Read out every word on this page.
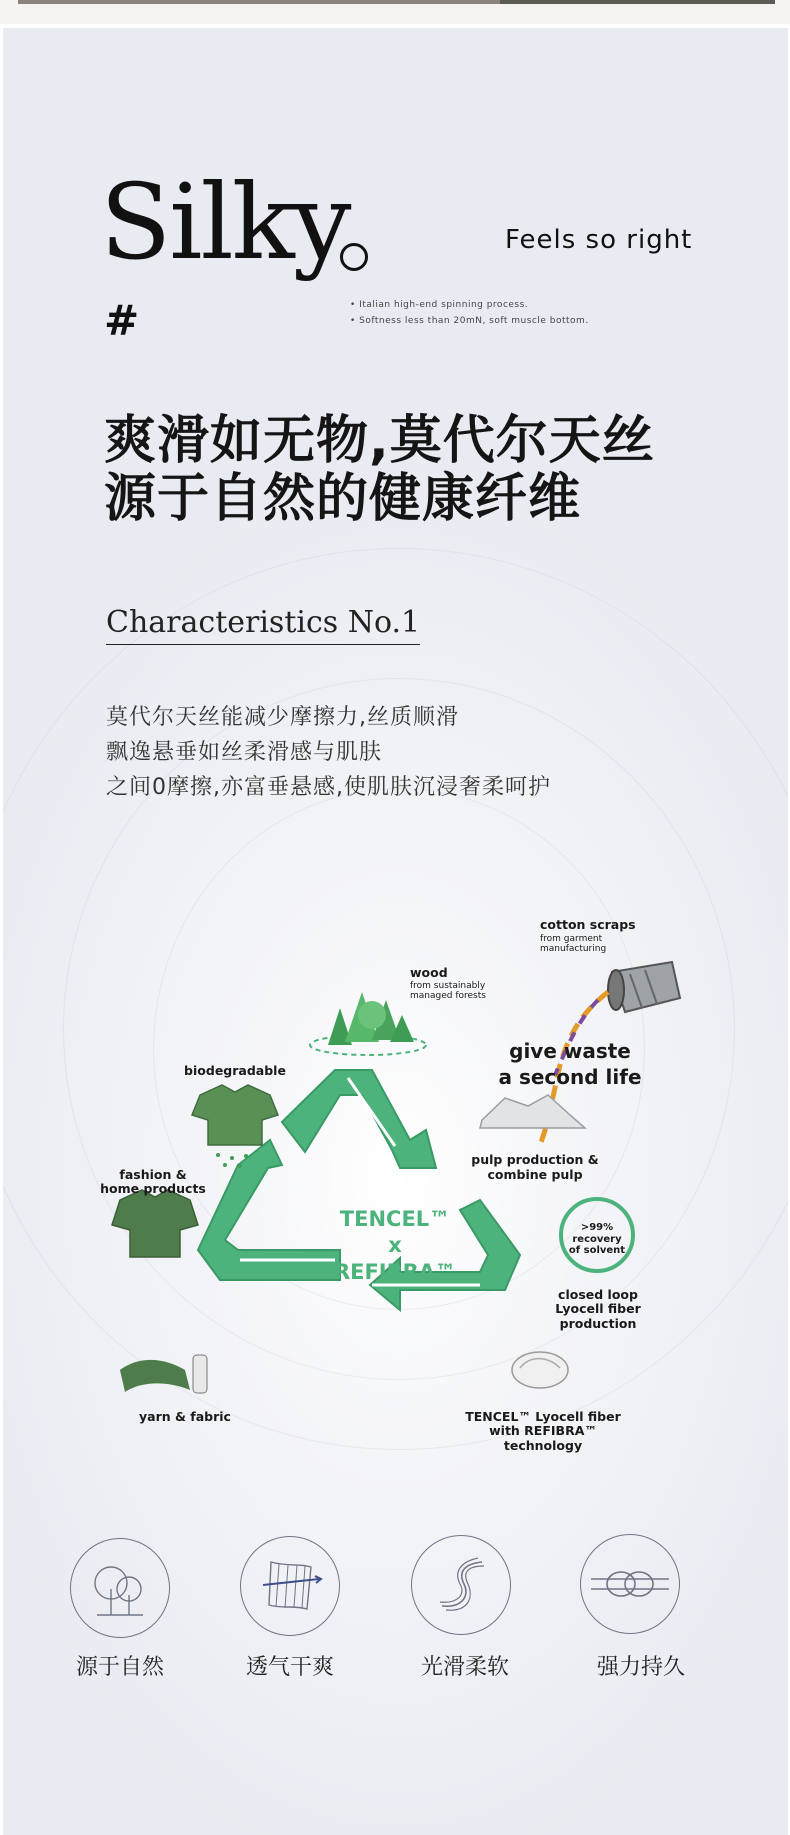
Silky
#
Feels so right
• Italian high-end spinning process.
• Softness less than 20mN, soft muscle bottom.
爽滑如无物,莫代尔天丝
源于自然的健康纤维
Characteristics No.1
莫代尔天丝能减少摩擦力,丝质顺滑
飘逸悬垂如丝柔滑感与肌肤
之间0摩擦,亦富垂悬感,使肌肤沉浸奢柔呵护
TENCEL™
x
REFIBRA™
wood
from sustainably
managed forests
cotton scraps
from garment
manufacturing
give waste
a second life
pulp production &
combine pulp
>99%
recovery
of solvent
closed loop
Lyocell fiber
production
TENCEL™ Lyocell fiber
with REFIBRA™ technology
yarn & fabric
fashion &
home products
biodegradable
源于自然	透气干爽	光滑柔软	强力持久
